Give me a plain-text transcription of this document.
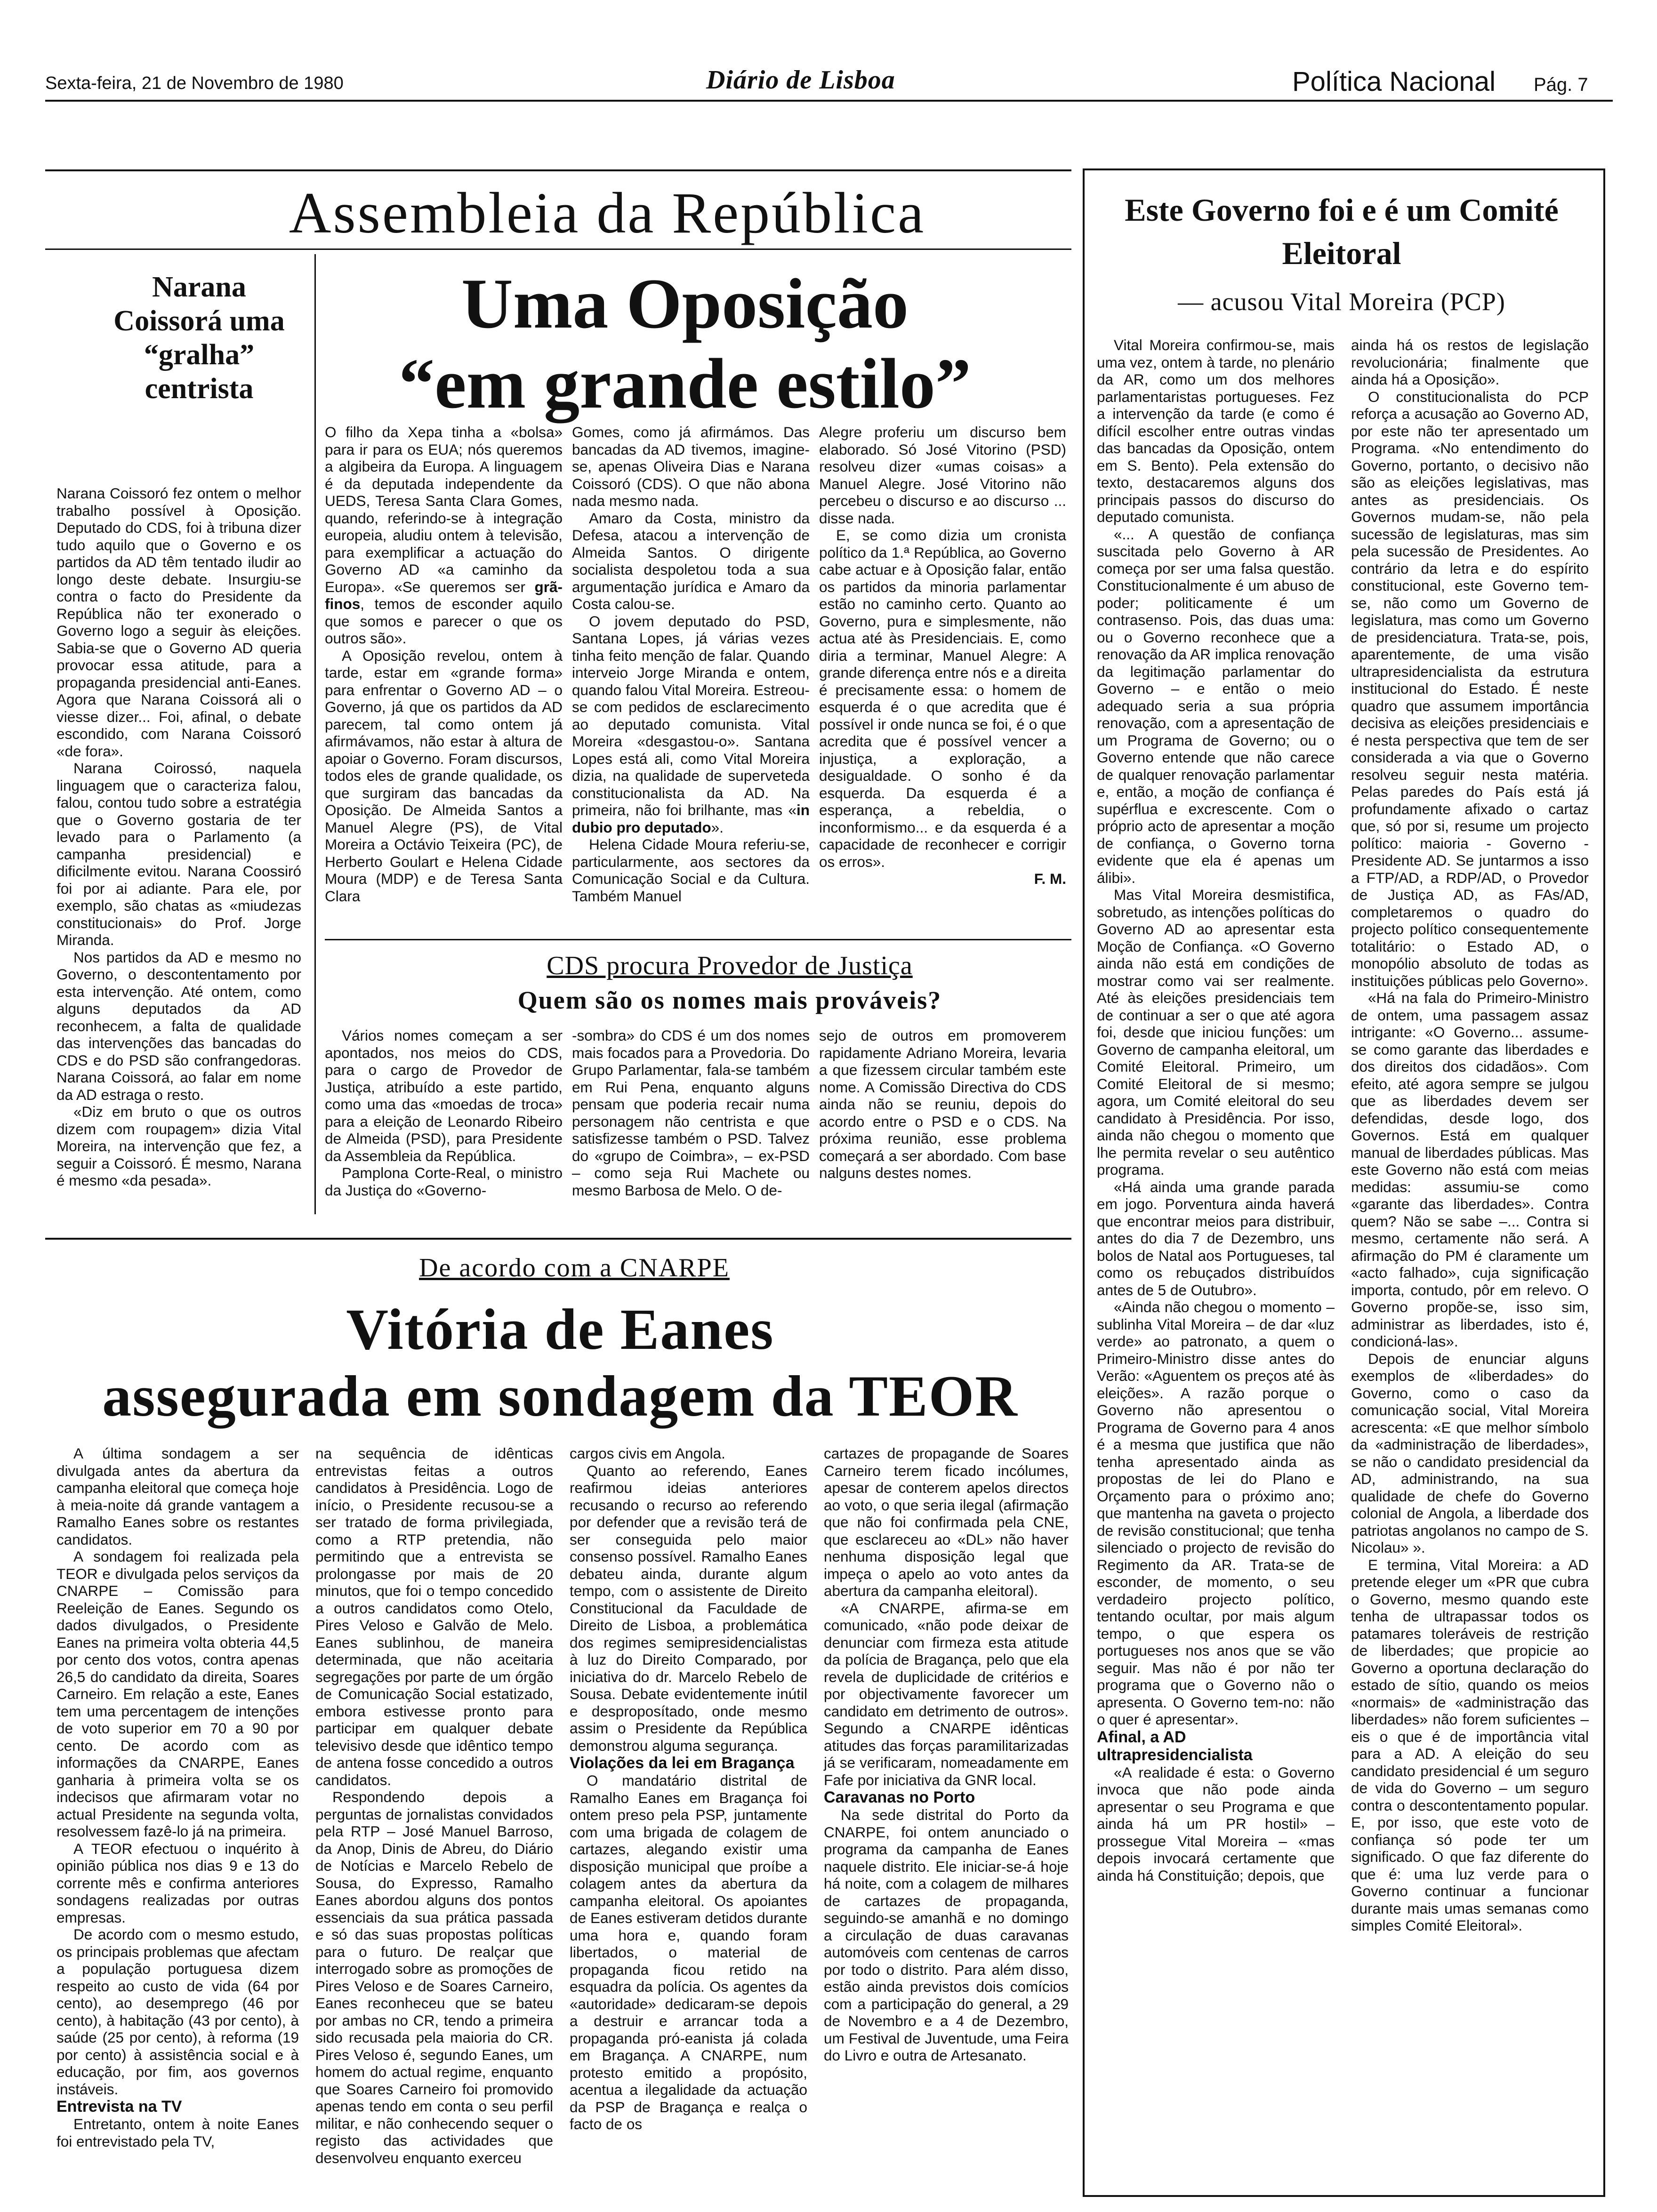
Sexta-feira, 21 de Novembro de 1980	Diário de Lisboa	Política Nacional Pág. 7
Assembleia da República
Narana Coissorá uma “gralha” centrista

Narana Coissoró fez ontem o melhor trabalho possível à Oposição. Deputado do CDS, foi à tribuna dizer tudo aquilo que o Governo e os partidos da AD têm tentado iludir ao longo deste debate. Insurgiu-se contra o facto do Presidente da República não ter exonerado o Governo logo a seguir às eleições. Sabia-se que o Governo AD queria provocar essa atitude, para a propaganda presidencial anti-Eanes. Agora que Narana Coissorá ali o viesse dizer... Foi, afinal, o debate escondido, com Narana Coissoró «de fora».

Narana Coirossó, naquela linguagem que o caracteriza falou, falou, contou tudo sobre a estratégia que o Governo gostaria de ter levado para o Parlamento (a campanha presidencial) e dificilmente evitou. Narana Coossiró foi por ai adiante. Para ele, por exemplo, são chatas as «miudezas constitucionais» do Prof. Jorge Miranda.

Nos partidos da AD e mesmo no Governo, o descontentamento por esta intervenção. Até ontem, como alguns deputados da AD reconhecem, a falta de qualidade das intervenções das bancadas do CDS e do PSD são confrangedoras. Narana Coissorá, ao falar em nome da AD estraga o resto.

«Diz em bruto o que os outros dizem com roupagem» dizia Vital Moreira, na intervenção que fez, a seguir a Coissoró. É mesmo, Narana é mesmo «da pesada».

Uma Oposição
“em grande estilo”

O filho da Xepa tinha a «bolsa» para ir para os EUA; nós queremos a algibeira da Europa. A linguagem é da deputada independente da UEDS, Teresa Santa Clara Gomes, quando, referindo-se à integração europeia, aludiu ontem à televisão, para exemplificar a actuação do Governo AD «a caminho da Europa». «Se queremos ser grã-finos, temos de esconder aquilo que somos e parecer o que os outros são».

A Oposição revelou, ontem à tarde, estar em «grande forma» para enfrentar o Governo AD – o Governo, já que os partidos da AD parecem, tal como ontem já afirmávamos, não estar à altura de apoiar o Governo. Foram discursos, todos eles de grande qualidade, os que surgiram das bancadas da Oposição. De Almeida Santos a Manuel Alegre (PS), de Vital Moreira a Octávio Teixeira (PC), de Herberto Goulart e Helena Cidade Moura (MDP) e de Teresa Santa Clara

Gomes, como já afirmámos. Das bancadas da AD tivemos, imagine-se, apenas Oliveira Dias e Narana Coissoró (CDS). O que não abona nada mesmo nada.

Amaro da Costa, ministro da Defesa, atacou a intervenção de Almeida Santos. O dirigente socialista despoletou toda a sua argumentação jurídica e Amaro da Costa calou-se.

O jovem deputado do PSD, Santana Lopes, já várias vezes tinha feito menção de falar. Quando interveio Jorge Miranda e ontem, quando falou Vital Moreira. Estreou-se com pedidos de esclarecimento ao deputado comunista. Vital Moreira «desgastou-o». Santana Lopes está ali, como Vital Moreira dizia, na qualidade de superveteda constitucionalista da AD. Na primeira, não foi brilhante, mas «in dubio pro deputado».

Helena Cidade Moura referiu-se, particularmente, aos sectores da Comunicação Social e da Cultura. Também Manuel

Alegre proferiu um discurso bem elaborado. Só José Vitorino (PSD) resolveu dizer «umas coisas» a Manuel Alegre. José Vitorino não percebeu o discurso e ao discurso ... disse nada.

E, se como dizia um cronista político da 1.ª República, ao Governo cabe actuar e à Oposição falar, então os partidos da minoria parlamentar estão no caminho certo. Quanto ao Governo, pura e simplesmente, não actua até às Presidenciais. E, como diria a terminar, Manuel Alegre: A grande diferença entre nós e a direita é precisamente essa: o homem de esquerda é o que acredita que é possível ir onde nunca se foi, é o que acredita que é possível vencer a injustiça, a exploração, a desigualdade. O sonho é da esquerda. Da esquerda é a esperança, a rebeldia, o inconformismo... e da esquerda é a capacidade de reconhecer e corrigir os erros».

F. M.

CDS procura Provedor de Justiça
Quem são os nomes mais prováveis?

Vários nomes começam a ser apontados, nos meios do CDS, para o cargo de Provedor de Justiça, atribuído a este partido, como uma das «moedas de troca» para a eleição de Leonardo Ribeiro de Almeida (PSD), para Presidente da Assembleia da República.

Pamplona Corte-Real, o ministro da Justiça do «Governo-

-sombra» do CDS é um dos nomes mais focados para a Provedoria. Do Grupo Parlamentar, fala-se também em Rui Pena, enquanto alguns pensam que poderia recair numa personagem não centrista e que satisfizesse também o PSD. Talvez do «grupo de Coimbra», – ex-PSD – como seja Rui Machete ou mesmo Barbosa de Melo. O de-

sejo de outros em promoverem rapidamente Adriano Moreira, levaria a que fizessem circular também este nome. A Comissão Directiva do CDS ainda não se reuniu, depois do acordo entre o PSD e o CDS. Na próxima reunião, esse problema começará a ser abordado. Com base nalguns destes nomes.

De acordo com a CNARPE
Vitória de Eanes
assegurada em sondagem da TEOR

A última sondagem a ser divulgada antes da abertura da campanha eleitoral que começa hoje à meia-noite dá grande vantagem a Ramalho Eanes sobre os restantes candidatos.

A sondagem foi realizada pela TEOR e divulgada pelos serviços da CNARPE – Comissão para Reeleição de Eanes. Segundo os dados divulgados, o Presidente Eanes na primeira volta obteria 44,5 por cento dos votos, contra apenas 26,5 do candidato da direita, Soares Carneiro. Em relação a este, Eanes tem uma percentagem de intenções de voto superior em 70 a 90 por cento. De acordo com as informações da CNARPE, Eanes ganharia à primeira volta se os indecisos que afirmaram votar no actual Presidente na segunda volta, resolvessem fazê-lo já na primeira.

A TEOR efectuou o inquérito à opinião pública nos dias 9 e 13 do corrente mês e confirma anteriores sondagens realizadas por outras empresas.

De acordo com o mesmo estudo, os principais problemas que afectam a população portuguesa dizem respeito ao custo de vida (64 por cento), ao desemprego (46 por cento), à habitação (43 por cento), à saúde (25 por cento), à reforma (19 por cento) à assistência social e à educação, por fim, aos governos instáveis.

Entrevista na TV

Entretanto, ontem à noite Eanes foi entrevistado pela TV,

na sequência de idênticas entrevistas feitas a outros candidatos à Presidência. Logo de início, o Presidente recusou-se a ser tratado de forma privilegiada, como a RTP pretendia, não permitindo que a entrevista se prolongasse por mais de 20 minutos, que foi o tempo concedido a outros candidatos como Otelo, Pires Veloso e Galvão de Melo. Eanes sublinhou, de maneira determinada, que não aceitaria segregações por parte de um órgão de Comunicação Social estatizado, embora estivesse pronto para participar em qualquer debate televisivo desde que idêntico tempo de antena fosse concedido a outros candidatos.

Respondendo depois a perguntas de jornalistas convidados pela RTP – José Manuel Barroso, da Anop, Dinis de Abreu, do Diário de Notícias e Marcelo Rebelo de Sousa, do Expresso, Ramalho Eanes abordou alguns dos pontos essenciais da sua prática passada e só das suas propostas políticas para o futuro. De realçar que interrogado sobre as promoções de Pires Veloso e de Soares Carneiro, Eanes reconheceu que se bateu por ambas no CR, tendo a primeira sido recusada pela maioria do CR. Pires Veloso é, segundo Eanes, um homem do actual regime, enquanto que Soares Carneiro foi promovido apenas tendo em conta o seu perfil militar, e não conhecendo sequer o registo das actividades que desenvolveu enquanto exerceu

cargos civis em Angola.

Quanto ao referendo, Eanes reafirmou ideias anteriores recusando o recurso ao referendo por defender que a revisão terá de ser conseguida pelo maior consenso possível. Ramalho Eanes debateu ainda, durante algum tempo, com o assistente de Direito Constitucional da Faculdade de Direito de Lisboa, a problemática dos regimes semipresidencialistas à luz do Direito Comparado, por iniciativa do dr. Marcelo Rebelo de Sousa. Debate evidentemente inútil e desproposítado, onde mesmo assim o Presidente da República demonstrou alguma segurança.

Violações da lei em Bragança

O mandatário distrital de Ramalho Eanes em Bragança foi ontem preso pela PSP, juntamente com uma brigada de colagem de cartazes, alegando existir uma disposição municipal que proíbe a colagem antes da abertura da campanha eleitoral. Os apoiantes de Eanes estiveram detidos durante uma hora e, quando foram libertados, o material de propaganda ficou retido na esquadra da polícia. Os agentes da «autoridade» dedicaram-se depois a destruir e arrancar toda a propaganda pró-eanista já colada em Bragança. A CNARPE, num protesto emitido a propósito, acentua a ilegalidade da actuação da PSP de Bragança e realça o facto de os

cartazes de propagande de Soares Carneiro terem ficado incólumes, apesar de conterem apelos directos ao voto, o que seria ilegal (afirmação que não foi confirmada pela CNE, que esclareceu ao «DL» não haver nenhuma disposição legal que impeça o apelo ao voto antes da abertura da campanha eleitoral).

«A CNARPE, afirma-se em comunicado, «não pode deixar de denunciar com firmeza esta atitude da polícia de Bragança, pelo que ela revela de duplicidade de critérios e por objectivamente favorecer um candidato em detrimento de outros». Segundo a CNARPE idênticas atitudes das forças paramilitarizadas já se verificaram, nomeadamente em Fafe por iniciativa da GNR local.

Caravanas no Porto

Na sede distrital do Porto da CNARPE, foi ontem anunciado o programa da campanha de Eanes naquele distrito. Ele iniciar-se-á hoje há noite, com a colagem de milhares de cartazes de propaganda, seguindo-se amanhã e no domingo a circulação de duas caravanas automóveis com centenas de carros por todo o distrito. Para além disso, estão ainda previstos dois comícios com a participação do general, a 29 de Novembro e a 4 de Dezembro, um Festival de Juventude, uma Feira do Livro e outra de Artesanato.

Este Governo foi e é um Comité Eleitoral
— acusou Vital Moreira (PCP)

Vital Moreira confirmou-se, mais uma vez, ontem à tarde, no plenário da AR, como um dos melhores parlamentaristas portugueses. Fez a intervenção da tarde (e como é difícil escolher entre outras vindas das bancadas da Oposição, ontem em S. Bento). Pela extensão do texto, destacaremos alguns dos principais passos do discurso do deputado comunista.

«... A questão de confiança suscitada pelo Governo à AR começa por ser uma falsa questão. Constitucionalmente é um abuso de poder; politicamente é um contrasenso. Pois, das duas uma: ou o Governo reconhece que a renovação da AR implica renovação da legitimação parlamentar do Governo – e então o meio adequado seria a sua própria renovação, com a apresentação de um Programa de Governo; ou o Governo entende que não carece de qualquer renovação parlamentar e, então, a moção de confiança é supérflua e excrescente. Com o próprio acto de apresentar a moção de confiança, o Governo torna evidente que ela é apenas um álibi».

Mas Vital Moreira desmistifica, sobretudo, as intenções políticas do Governo AD ao apresentar esta Moção de Confiança. «O Governo ainda não está em condições de mostrar como vai ser realmente. Até às eleições presidenciais tem de continuar a ser o que até agora foi, desde que iniciou funções: um Governo de campanha eleitoral, um Comité Eleitoral. Primeiro, um Comité Eleitoral de si mesmo; agora, um Comité eleitoral do seu candidato à Presidência. Por isso, ainda não chegou o momento que lhe permita revelar o seu autêntico programa.

«Há ainda uma grande parada em jogo. Porventura ainda haverá que encontrar meios para distribuir, antes do dia 7 de Dezembro, uns bolos de Natal aos Portugueses, tal como os rebuçados distribuídos antes de 5 de Outubro».

«Ainda não chegou o momento – sublinha Vital Moreira – de dar «luz verde» ao patronato, a quem o Primeiro-Ministro disse antes do Verão: «Aguentem os preços até às eleições». A razão porque o Governo não apresentou o Programa de Governo para 4 anos é a mesma que justifica que não tenha apresentado ainda as propostas de lei do Plano e Orçamento para o próximo ano; que mantenha na gaveta o projecto de revisão constitucional; que tenha silenciado o projecto de revisão do Regimento da AR. Trata-se de esconder, de momento, o seu verdadeiro projecto político, tentando ocultar, por mais algum tempo, o que espera os portugueses nos anos que se vão seguir. Mas não é por não ter programa que o Governo não o apresenta. O Governo tem-no: não o quer é apresentar».

Afinal, a AD ultrapresidencialista

«A realidade é esta: o Governo invoca que não pode ainda apresentar o seu Programa e que ainda há um PR hostil» – prossegue Vital Moreira – «mas depois invocará certamente que ainda há Constituição; depois, que

ainda há os restos de legislação revolucionária; finalmente que ainda há a Oposição».

O constitucionalista do PCP reforça a acusação ao Governo AD, por este não ter apresentado um Programa. «No entendimento do Governo, portanto, o decisivo não são as eleições legislativas, mas antes as presidenciais. Os Governos mudam-se, não pela sucessão de legislaturas, mas sim pela sucessão de Presidentes. Ao contrário da letra e do espírito constitucional, este Governo tem-se, não como um Governo de legislatura, mas como um Governo de presidenciatura. Trata-se, pois, aparentemente, de uma visão ultrapresidencialista da estrutura institucional do Estado. É neste quadro que assumem importância decisiva as eleições presidenciais e é nesta perspectiva que tem de ser considerada a via que o Governo resolveu seguir nesta matéria. Pelas paredes do País está já profundamente afixado o cartaz que, só por si, resume um projecto político: maioria - Governo -Presidente AD. Se juntarmos a isso a FTP/AD, a RDP/AD, o Provedor de Justiça AD, as FAs/AD, completaremos o quadro do projecto político consequentemente totalitário: o Estado AD, o monopólio absoluto de todas as instituições públicas pelo Governo».

«Há na fala do Primeiro-Ministro de ontem, uma passagem assaz intrigante: «O Governo... assume-se como garante das liberdades e dos direitos dos cidadãos». Com efeito, até agora sempre se julgou que as liberdades devem ser defendidas, desde logo, dos Governos. Está em qualquer manual de liberdades públicas. Mas este Governo não está com meias medidas: assumiu-se como «garante das liberdades». Contra quem? Não se sabe –... Contra si mesmo, certamente não será. A afirmação do PM é claramente um «acto falhado», cuja significação importa, contudo, pôr em relevo. O Governo propõe-se, isso sim, administrar as liberdades, isto é, condicioná-las».

Depois de enunciar alguns exemplos de «liberdades» do Governo, como o caso da comunicação social, Vital Moreira acrescenta: «E que melhor símbolo da «administração de liberdades», se não o candidato presidencial da AD, administrando, na sua qualidade de chefe do Governo colonial de Angola, a liberdade dos patriotas angolanos no campo de S. Nicolau» ».

E termina, Vital Moreira: a AD pretende eleger um «PR que cubra o Governo, mesmo quando este tenha de ultrapassar todos os patamares toleráveis de restrição de liberdades; que propicie ao Governo a oportuna declaração do estado de sítio, quando os meios «normais» de «administração das liberdades» não forem suficientes – eis o que é de importância vital para a AD. A eleição do seu candidato presidencial é um seguro de vida do Governo – um seguro contra o descontentamento popular. E, por isso, que este voto de confiança só pode ter um significado. O que faz diferente do que é: uma luz verde para o Governo continuar a funcionar durante mais umas semanas como simples Comité Eleitoral».
